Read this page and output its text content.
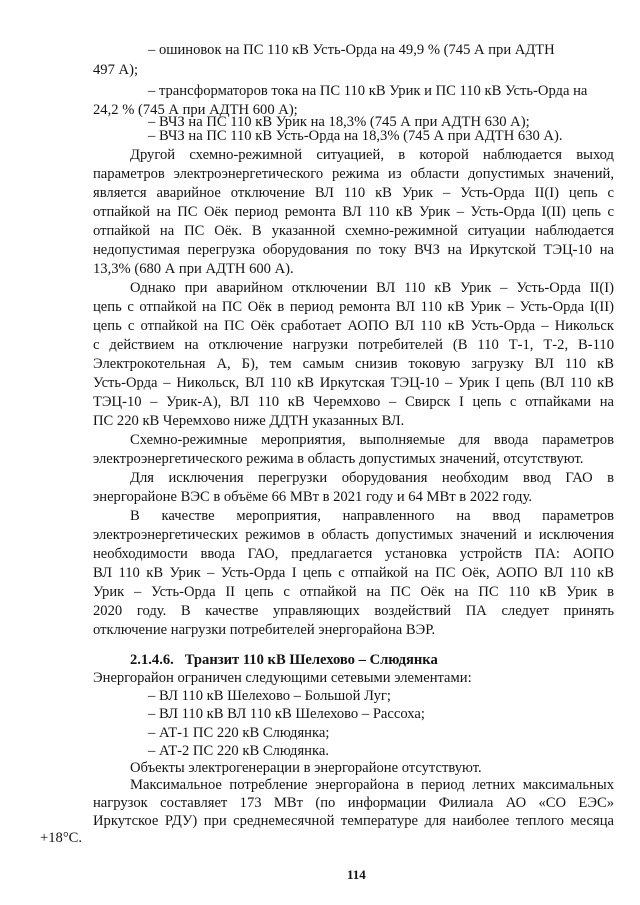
– ошиновок на ПС 110 кВ Усть-Орда на 49,9 % (745 А при АДТН

497 А);

– трансформаторов тока на ПС 110 кВ Урик и ПС 110 кВ Усть-Орда на

24,2 % (745 А при АДТН 600 А);

– ВЧЗ на ПС 110 кВ Урик на 18,3% (745 А при АДТН 630 А);

– ВЧЗ на ПС 110 кВ Усть-Орда на 18,3% (745 А при АДТН 630 А).

Другой схемно-режимной ситуацией, в которой наблюдается выход

параметров электроэнергетического режима из области допустимых значений,

является аварийное отключение ВЛ 110 кВ Урик – Усть-Орда II(I) цепь с

отпайкой на ПС Оёк период ремонта ВЛ 110 кВ Урик – Усть-Орда I(II) цепь с

отпайкой на ПС Оёк. В указанной схемно-режимной ситуации наблюдается

недопустимая перегрузка оборудования по току ВЧЗ на Иркутской ТЭЦ-10 на

13,3% (680 А при АДТН 600 А).

Однако при аварийном отключении ВЛ 110 кВ Урик – Усть-Орда II(I)

цепь с отпайкой на ПС Оёк в период ремонта ВЛ 110 кВ Урик – Усть-Орда I(II)

цепь с отпайкой на ПС Оёк сработает АОПО ВЛ 110 кВ Усть-Орда – Никольск

с действием на отключение нагрузки потребителей (В 110 Т-1, Т-2, В-110

Электрокотельная А, Б), тем самым снизив токовую загрузку ВЛ 110 кВ

Усть-Орда – Никольск, ВЛ 110 кВ Иркутская ТЭЦ-10 – Урик I цепь (ВЛ 110 кВ

ТЭЦ-10 – Урик-А), ВЛ 110 кВ Черемхово – Свирск I цепь с отпайками на

ПС 220 кВ Черемхово ниже ДДТН указанных ВЛ.

Схемно-режимные мероприятия, выполняемые для ввода параметров

электроэнергетического режима в область допустимых значений, отсутствуют.

Для исключения перегрузки оборудования необходим ввод ГАО в

энергорайоне ВЭС в объёме 66 МВт в 2021 году и 64 МВт в 2022 году.

В качестве мероприятия, направленного на ввод параметров

электроэнергетических режимов в область допустимых значений и исключения

необходимости ввода ГАО, предлагается установка устройств ПА: АОПО

ВЛ 110 кВ Урик – Усть-Орда I цепь с отпайкой на ПС Оёк, АОПО ВЛ 110 кВ

Урик – Усть-Орда II цепь с отпайкой на ПС Оёк на ПС 110 кВ Урик в

2020 году. В качестве управляющих воздействий ПА следует принять

отключение нагрузки потребителей энергорайона ВЭР.

2.1.4.6.   Транзит 110 кВ Шелехово – Слюдянка

Энергорайон ограничен следующими сетевыми элементами:

– ВЛ 110 кВ Шелехово – Большой Луг;

– ВЛ 110 кВ ВЛ 110 кВ Шелехово – Рассоха;

– АТ-1 ПС 220 кВ Слюдянка;

– АТ-2 ПС 220 кВ Слюдянка.

Объекты электрогенерации в энергорайоне отсутствуют.

Максимальное потребление энергорайона в период летних максимальных

нагрузок составляет 173 МВт (по информации Филиала АО «СО ЕЭС»

Иркутское РДУ) при среднемесячной температуре для наиболее теплого месяца

+18°С.

114
